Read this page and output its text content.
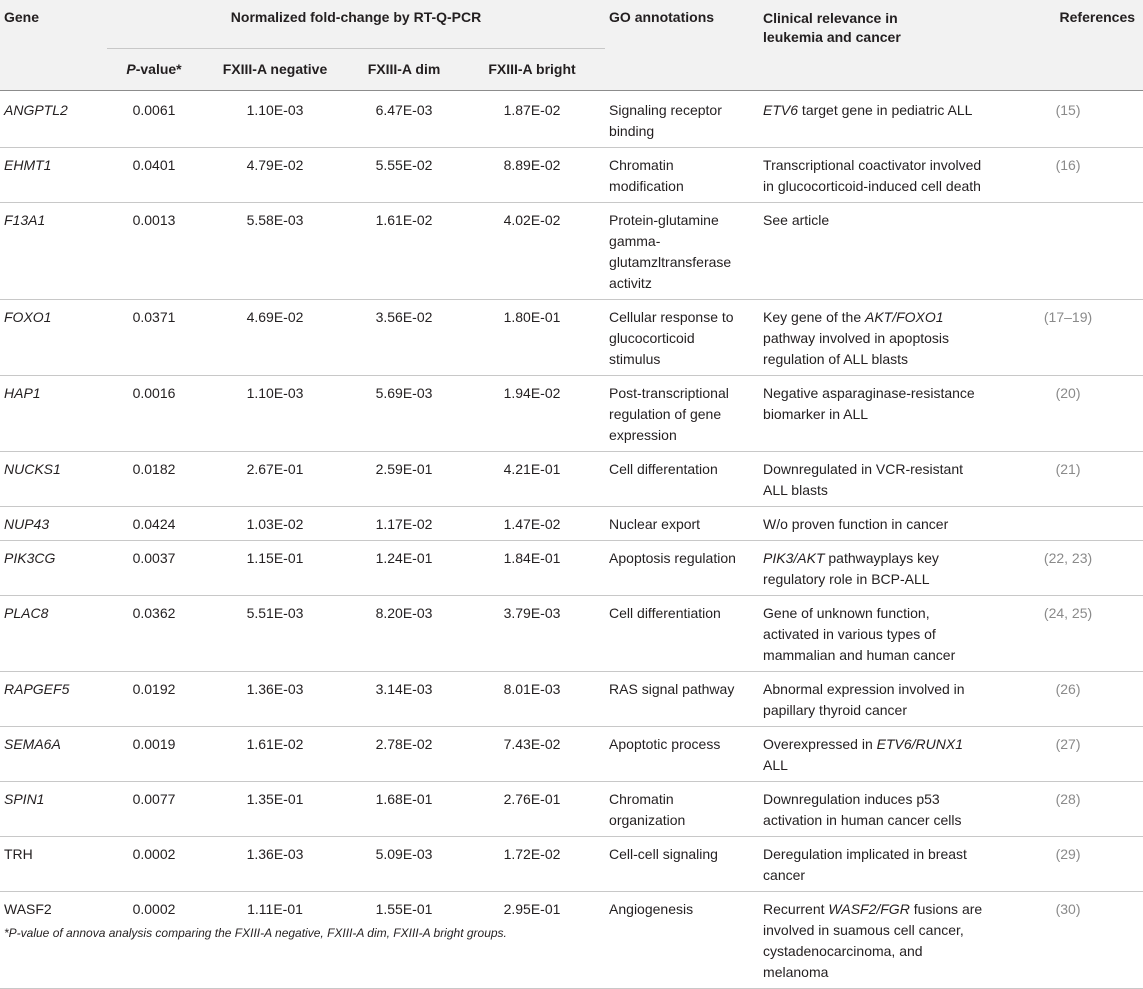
Gene	Normalized fold-change by RT-Q-PCR				GO annotations	Clinical relevance in leukemia and cancer	References
	P-value*	FXIII-A negative	FXIII-A dim	FXIII-A bright			
ANGPTL2	0.0061	1.10E-03	6.47E-03	1.87E-02	Signaling receptor binding	ETV6 target gene in pediatric ALL	(15)
EHMT1	0.0401	4.79E-02	5.55E-02	8.89E-02	Chromatin modification	Transcriptional coactivator involved in glucocorticoid-induced cell death	(16)
F13A1	0.0013	5.58E-03	1.61E-02	4.02E-02	Protein-glutamine gamma-glutamzltransferase activitz	See article	
FOXO1	0.0371	4.69E-02	3.56E-02	1.80E-01	Cellular response to glucocorticoid stimulus	Key gene of the AKT/FOXO1 pathway involved in apoptosis regulation of ALL blasts	(17–19)
HAP1	0.0016	1.10E-03	5.69E-03	1.94E-02	Post-transcriptional regulation of gene expression	Negative asparaginase-resistance biomarker in ALL	(20)
NUCKS1	0.0182	2.67E-01	2.59E-01	4.21E-01	Cell differentation	Downregulated in VCR-resistant ALL blasts	(21)
NUP43	0.0424	1.03E-02	1.17E-02	1.47E-02	Nuclear export	W/o proven function in cancer	
PIK3CG	0.0037	1.15E-01	1.24E-01	1.84E-01	Apoptosis regulation	PIK3/AKT pathwayplays key regulatory role in BCP-ALL	(22, 23)
PLAC8	0.0362	5.51E-03	8.20E-03	3.79E-03	Cell differentiation	Gene of unknown function, activated in various types of mammalian and human cancer	(24, 25)
RAPGEF5	0.0192	1.36E-03	3.14E-03	8.01E-03	RAS signal pathway	Abnormal expression involved in papillary thyroid cancer	(26)
SEMA6A	0.0019	1.61E-02	2.78E-02	7.43E-02	Apoptotic process	Overexpressed in ETV6/RUNX1 ALL	(27)
SPIN1	0.0077	1.35E-01	1.68E-01	2.76E-01	Chromatin organization	Downregulation induces p53 activation in human cancer cells	(28)
TRH	0.0002	1.36E-03	5.09E-03	1.72E-02	Cell-cell signaling	Deregulation implicated in breast cancer	(29)
WASF2	0.0002	1.11E-01	1.55E-01	2.95E-01	Angiogenesis	Recurrent WASF2/FGR fusions are involved in suamous cell cancer, cystadenocarcinoma, and melanoma	(30)
*P-value of annova analysis comparing the FXIII-A negative, FXIII-A dim, FXIII-A bright groups.
